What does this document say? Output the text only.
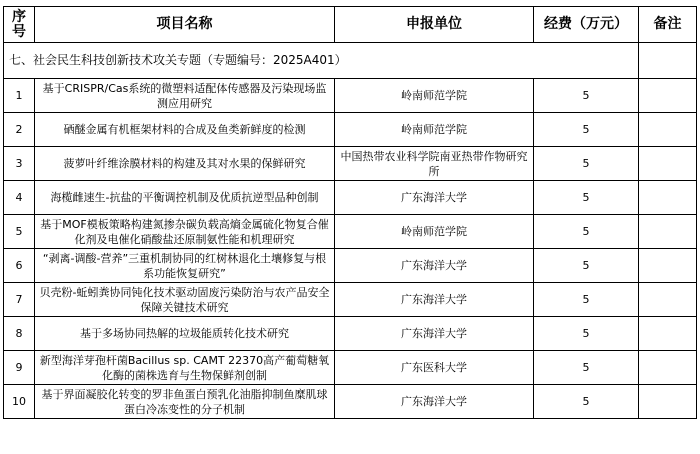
序号	项目名称	申报单位	经费（万元）	备注
七、社会民生科技创新技术攻关专题（专题编号：2025A401）				
1	基于CRISPR/Cas系统的微塑料适配体传感器及污染现场监测应用研究	岭南师范学院	5	
2	硒醚金属有机框架材料的合成及鱼类新鲜度的检测	岭南师范学院	5	
3	菠萝叶纤维涂膜材料的构建及其对水果的保鲜研究	中国热带农业科学院南亚热带作物研究所	5	
4	海榄雌速生-抗盐的平衡调控机制及优质抗逆型品种创制	广东海洋大学	5	
5	基于MOF模板策略构建氮掺杂碳负载高熵金属硫化物复合催化剂及电催化硝酸盐还原制氨性能和机理研究	岭南师范学院	5	
6	“剥离-调酸-营养”三重机制协同的红树林退化土壤修复与根系功能恢复研究”	广东海洋大学	5	
7	贝壳粉-蚯蚓粪协同钝化技术驱动固废污染防治与农产品安全保障关键技术研究	广东海洋大学	5	
8	基于多场协同热解的垃圾能质转化技术研究	广东海洋大学	5	
9	新型海洋芽孢杆菌Bacillus sp. CAMT 22370高产葡萄糖氧化酶的菌株选育与生物保鲜剂创制	广东医科大学	5	
10	基于界面凝胶化转变的罗非鱼蛋白预乳化油脂抑制鱼糜肌球蛋白冷冻变性的分子机制	广东海洋大学	5	
